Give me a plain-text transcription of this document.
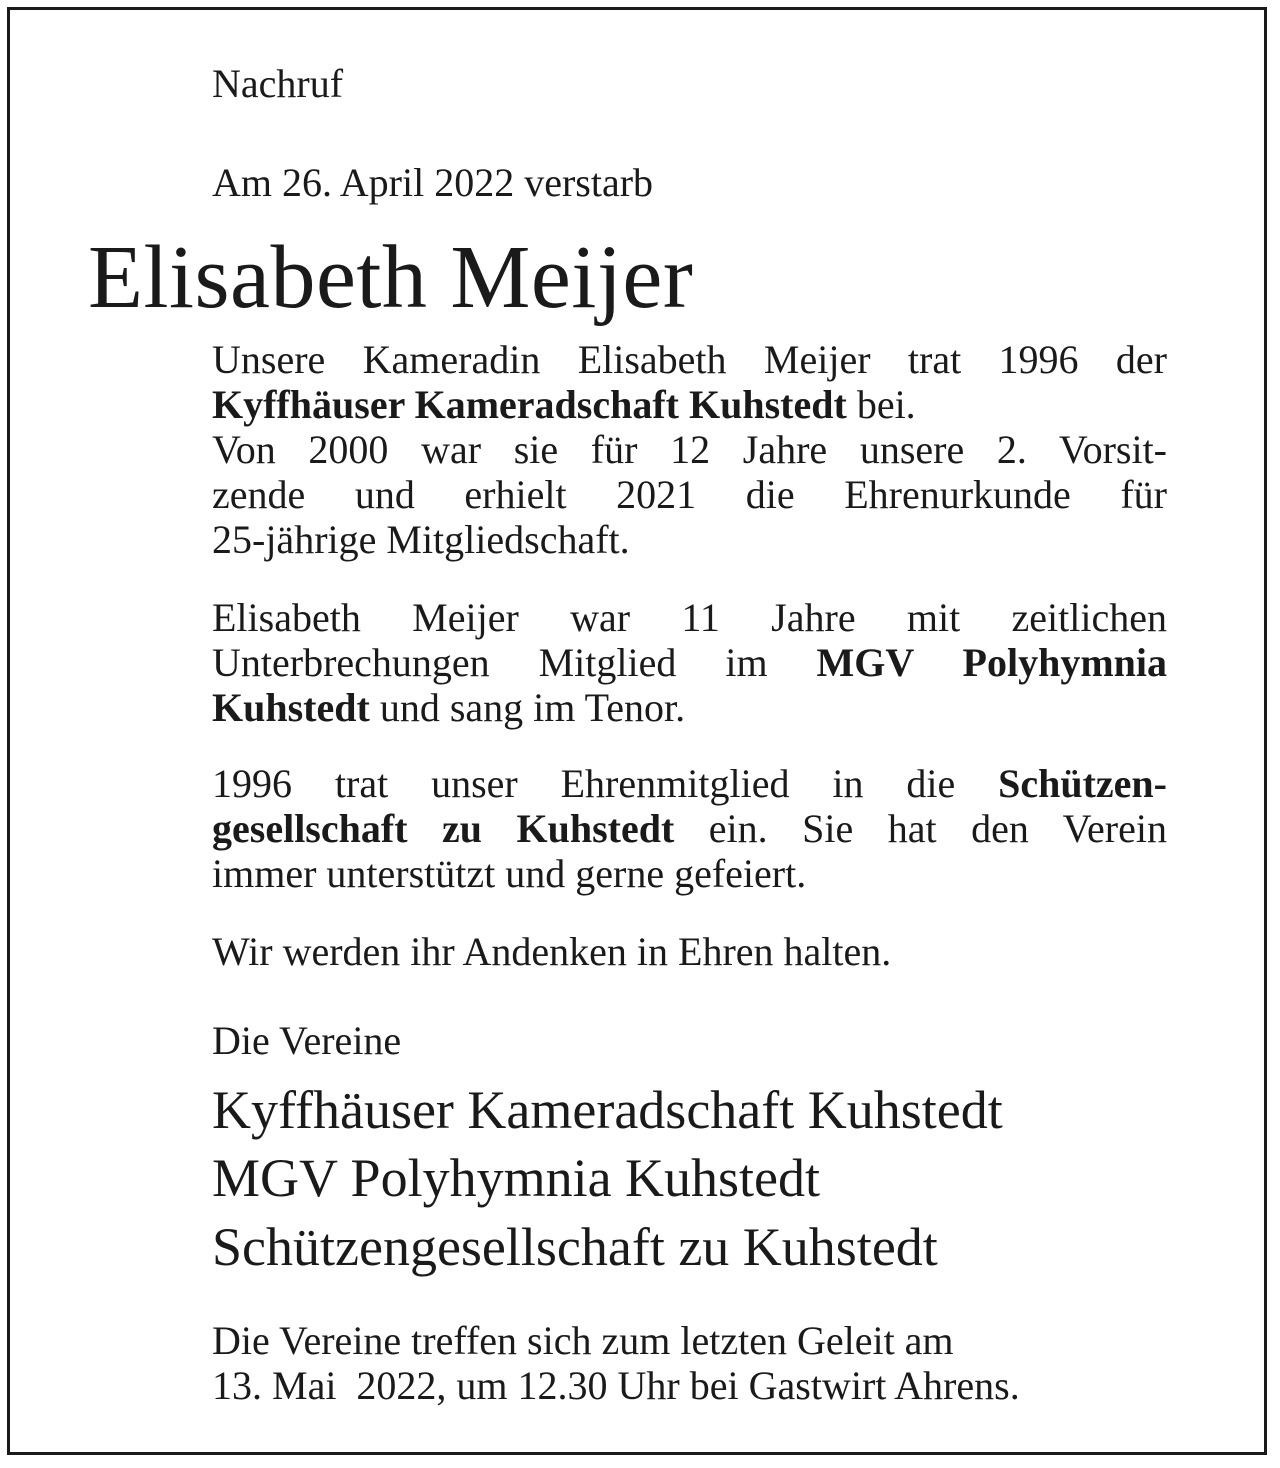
Nachruf

Am 26. April 2022 verstarb

Elisabeth Meijer

Unsere Kameradin Elisabeth Meijer trat 1996 der
Kyffhäuser Kameradschaft Kuhstedt bei.
Von 2000 war sie für 12 Jahre unsere 2. Vorsit-
zende und erhielt 2021 die Ehrenurkunde für
25-jährige Mitgliedschaft.
Elisabeth Meijer war 11 Jahre mit zeitlichen
Unterbrechungen Mitglied im MGV Polyhymnia
Kuhstedt und sang im Tenor.
1996 trat unser Ehrenmitglied in die Schützen-
gesellschaft zu Kuhstedt ein. Sie hat den Verein
immer unterstützt und gerne gefeiert.

Wir werden ihr Andenken in Ehren halten.

Die Vereine

Kyffhäuser Kameradschaft Kuhstedt

MGV Polyhymnia Kuhstedt

Schützengesellschaft zu Kuhstedt

Die Vereine treffen sich zum letzten Geleit am

13. Mai  2022, um 12.30 Uhr bei Gastwirt Ahrens.
